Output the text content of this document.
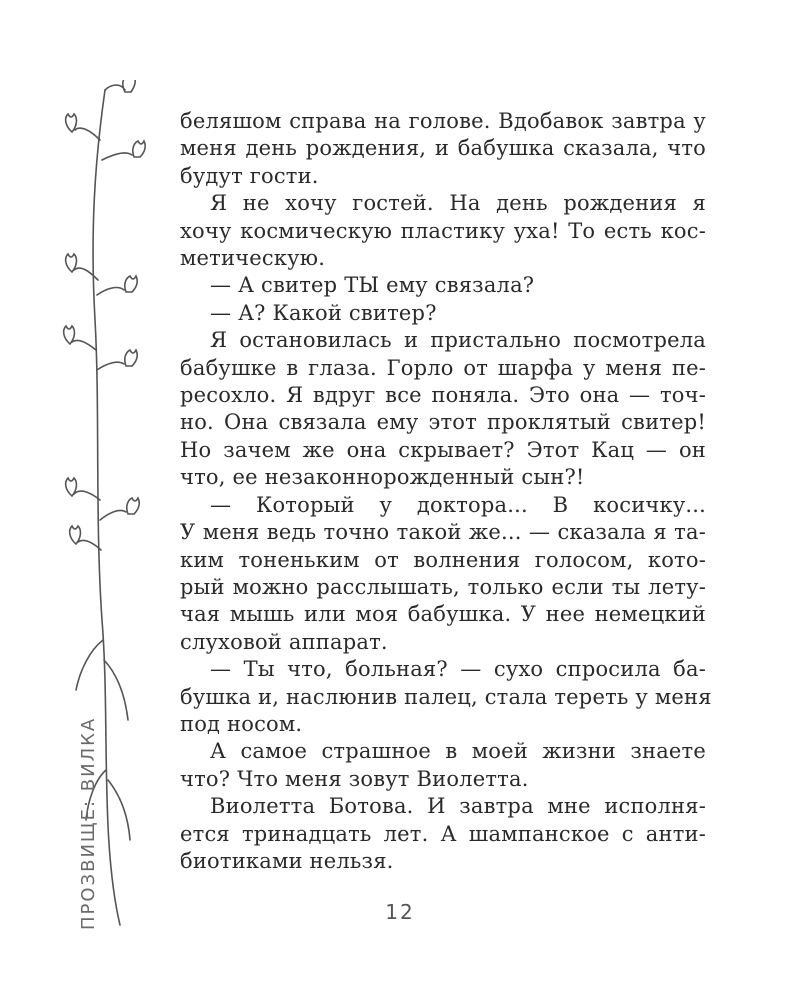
ПРОЗВИЩЕ: ВИЛКА
беляшом справа на голове. Вдобавок завтра у
меня день рождения, и бабушка сказала, что
будут гости.
Я не хочу гостей. На день рождения я
хочу космическую пластику уха! То есть кос-
метическую.
— А свитер ТЫ ему связала?
— А? Какой свитер?
Я остановилась и пристально посмотрела
бабушке в глаза. Горло от шарфа у меня пе-
ресохло. Я вдруг все поняла. Это она — точ-
но. Она связала ему этот проклятый свитер!
Но зачем же она скрывает? Этот Кац — он
что, ее незаконнорожденный сын?!
— Который у доктора... В косичку...
У меня ведь точно такой же... — сказала я та-
ким тоненьким от волнения голосом, кото-
рый можно расслышать, только если ты лету-
чая мышь или моя бабушка. У нее немецкий
слуховой аппарат.
— Ты что, больная? — сухо спросила ба-
бушка и, наслюнив палец, стала тереть у меня
под носом.
А самое страшное в моей жизни знаете
что? Что меня зовут Виолетта.
Виолетта Ботова. И завтра мне исполня-
ется тринадцать лет. А шампанское с анти-
биотиками нельзя.
12
